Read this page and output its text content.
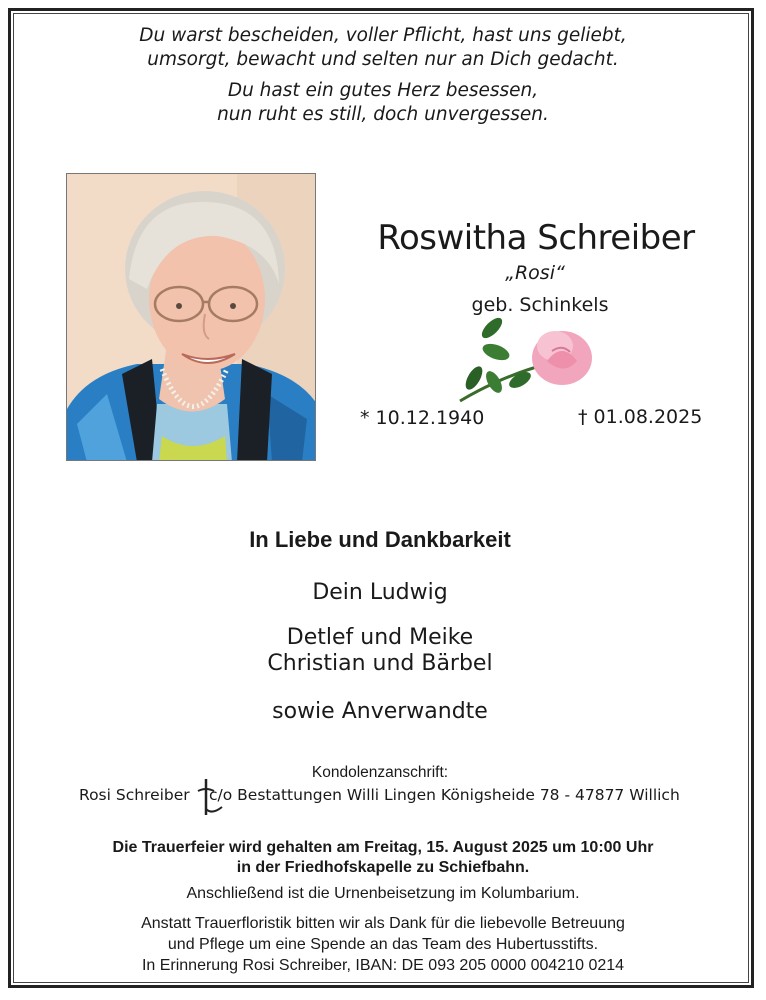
Du warst bescheiden, voller Pflicht, hast uns geliebt,
umsorgt, bewacht und selten nur an Dich gedacht.
Du hast ein gutes Herz besessen,
nun ruht es still, doch unvergessen.
Roswitha Schreiber
„Rosi“
geb. Schinkels
* 10.12.1940	† 01.08.2025
In Liebe und Dankbarkeit
Dein Ludwig
Detlef und Meike
Christian und Bärbel
sowie Anverwandte
Kondolenzanschrift:
Rosi Schreiber c/o Bestattungen Willi Lingen Königsheide 78 - 47877 Willich
Die Trauerfeier wird gehalten am Freitag, 15. August 2025 um 10:00 Uhr
in der Friedhofskapelle zu Schiefbahn.
Anschließend ist die Urnenbeisetzung im Kolumbarium.
Anstatt Trauerfloristik bitten wir als Dank für die liebevolle Betreuung
und Pflege um eine Spende an das Team des Hubertusstifts.
In Erinnerung Rosi Schreiber, IBAN: DE 093 205 0000 004210 0214
